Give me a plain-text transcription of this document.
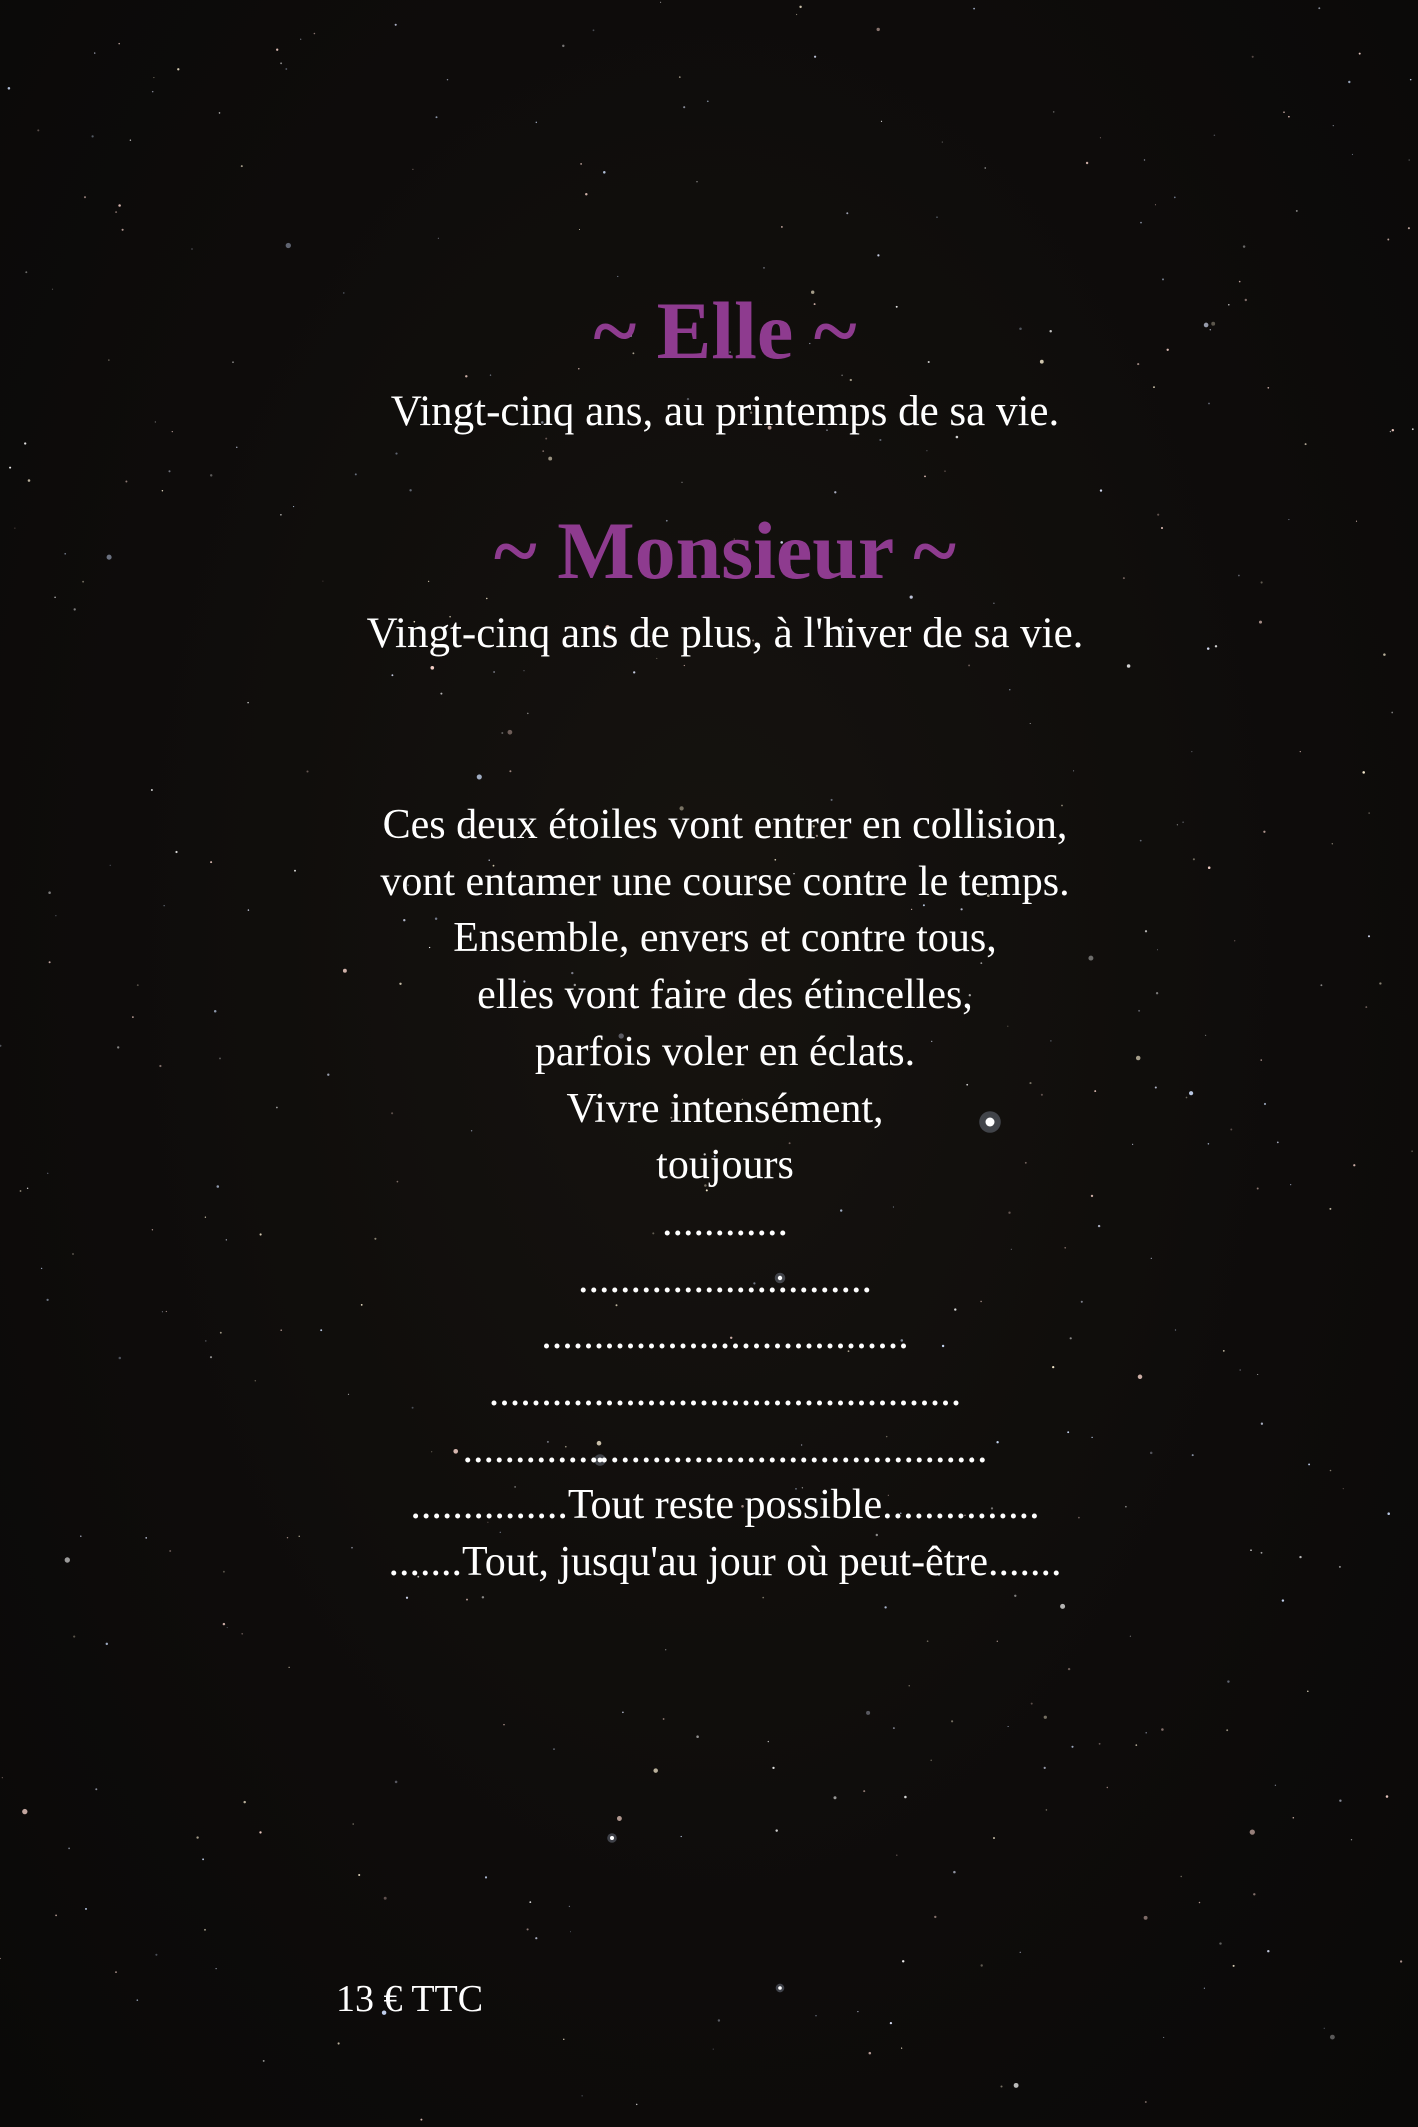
~ Elle ~
Vingt-cinq ans, au printemps de sa vie.
~ Monsieur ~
Vingt-cinq ans de plus, à l'hiver de sa vie.
Ces deux étoiles vont entrer en collision,
vont entamer une course contre le temps.
Ensemble, envers et contre tous,
elles vont faire des étincelles,
parfois voler en éclats.
Vivre intensément,
toujours
............
............................
...................................
.............................................
..................................................
...............Tout reste possible...............
.......Tout, jusqu'au jour où peut-être.......
13 € TTC
